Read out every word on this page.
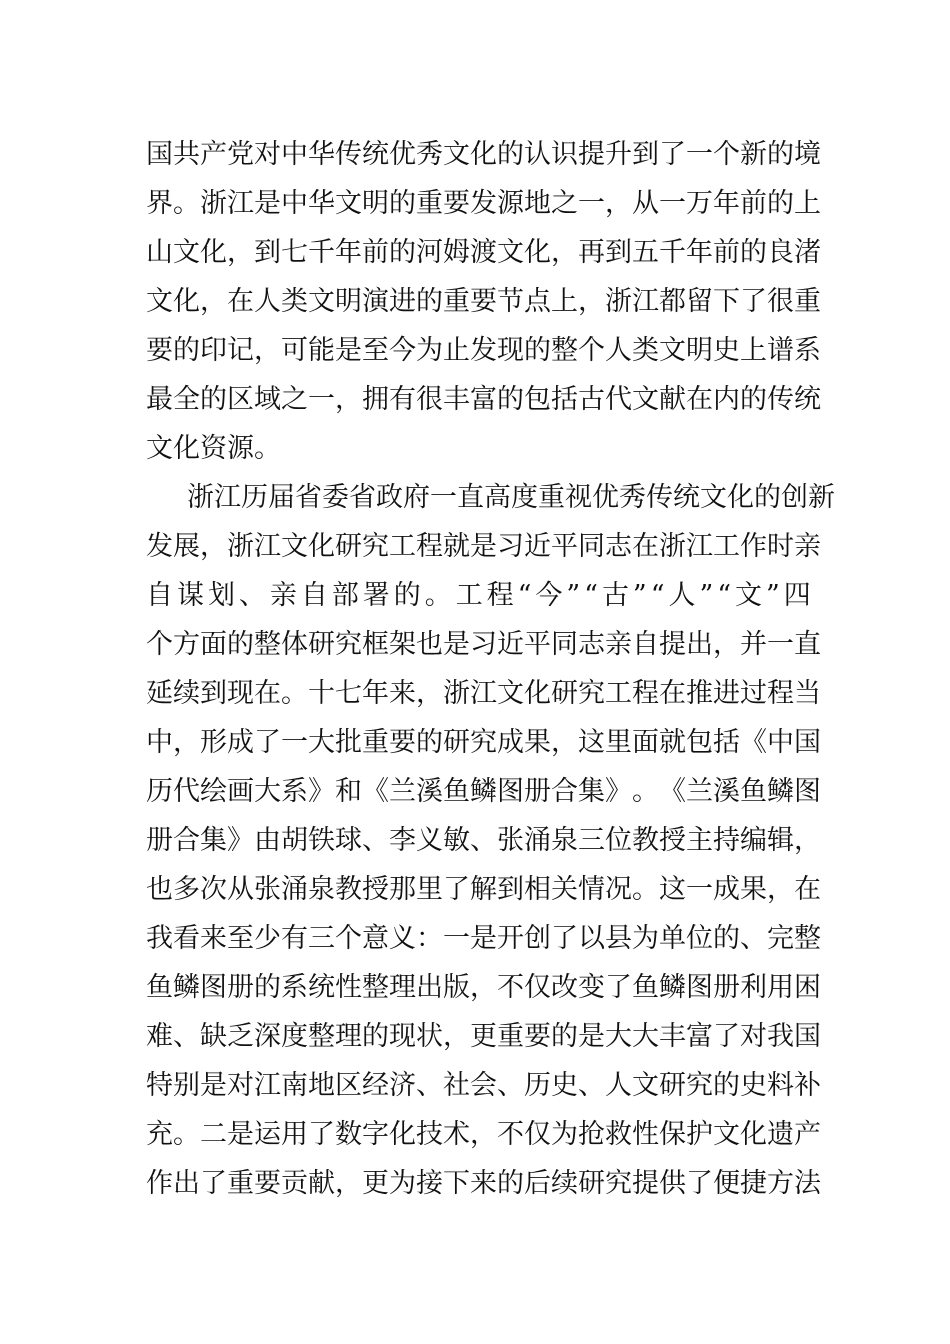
国 共 产 党 对 中 华 传 统 优 秀 文 化 的 认 识 提 升 到 了 一 个 新 的 境
界 。 浙 江 是 中 华 文 明 的 重 要 发 源 地 之 一 ， 从 一 万 年 前 的 上
山 文 化 ， 到 七 千 年 前 的 河 姆 渡 文 化 ， 再 到 五 千 年 前 的 良 渚
文 化 ， 在 人 类 文 明 演 进 的 重 要 节 点 上 ， 浙 江 都 留 下 了 很 重
要 的 印 记 ， 可 能 是 至 今 为 止 发 现 的 整 个 人 类 文 明 史 上 谱 系
最 全 的 区 域 之 一 ， 拥 有 很 丰 富 的 包 括 古 代 文 献 在 内 的 传 统
文化资源。
浙 江 历 届 省 委 省 政 府 一 直 高 度 重 视 优 秀 传 统 文 化 的 创 新
发 展 ， 浙 江 文 化 研 究 工 程 就 是 习 近 平 同 志 在 浙 江 工 作 时 亲
自 谋 划 、 亲 自 部 署 的 。 工 程 “ 今 ” “ 古 ” “ 人 ” “ 文 ” 四
个 方 面 的 整 体 研 究 框 架 也 是 习 近 平 同 志 亲 自 提 出 ， 并 一 直
延 续 到 现 在 。 十 七 年 来 ， 浙 江 文 化 研 究 工 程 在 推 进 过 程 当
中 ， 形 成 了 一 大 批 重 要 的 研 究 成 果 ， 这 里 面 就 包 括 《 中 国
历 代 绘 画 大 系 》 和 《 兰 溪 鱼 鳞 图 册 合 集 》 。 《 兰 溪 鱼 鳞 图
册 合 集 》 由 胡 铁 球 、 李 义 敏 、 张 涌 泉 三 位 教 授 主 持 编 辑 ，
也 多 次 从 张 涌 泉 教 授 那 里 了 解 到 相 关 情 况 。 这 一 成 果 ， 在
我 看 来 至 少 有 三 个 意 义 ： 一 是 开 创 了 以 县 为 单 位 的 、 完 整
鱼 鳞 图 册 的 系 统 性 整 理 出 版 ， 不 仅 改 变 了 鱼 鳞 图 册 利 用 困
难 、 缺 乏 深 度 整 理 的 现 状 ， 更 重 要 的 是 大 大 丰 富 了 对 我 国
特 别 是 对 江 南 地 区 经 济 、 社 会 、 历 史 、 人 文 研 究 的 史 料 补
充 。 二 是 运 用 了 数 字 化 技 术 ， 不 仅 为 抢 救 性 保 护 文 化 遗 产
作 出 了 重 要 贡 献 ， 更 为 接 下 来 的 后 续 研 究 提 供 了 便 捷 方 法
